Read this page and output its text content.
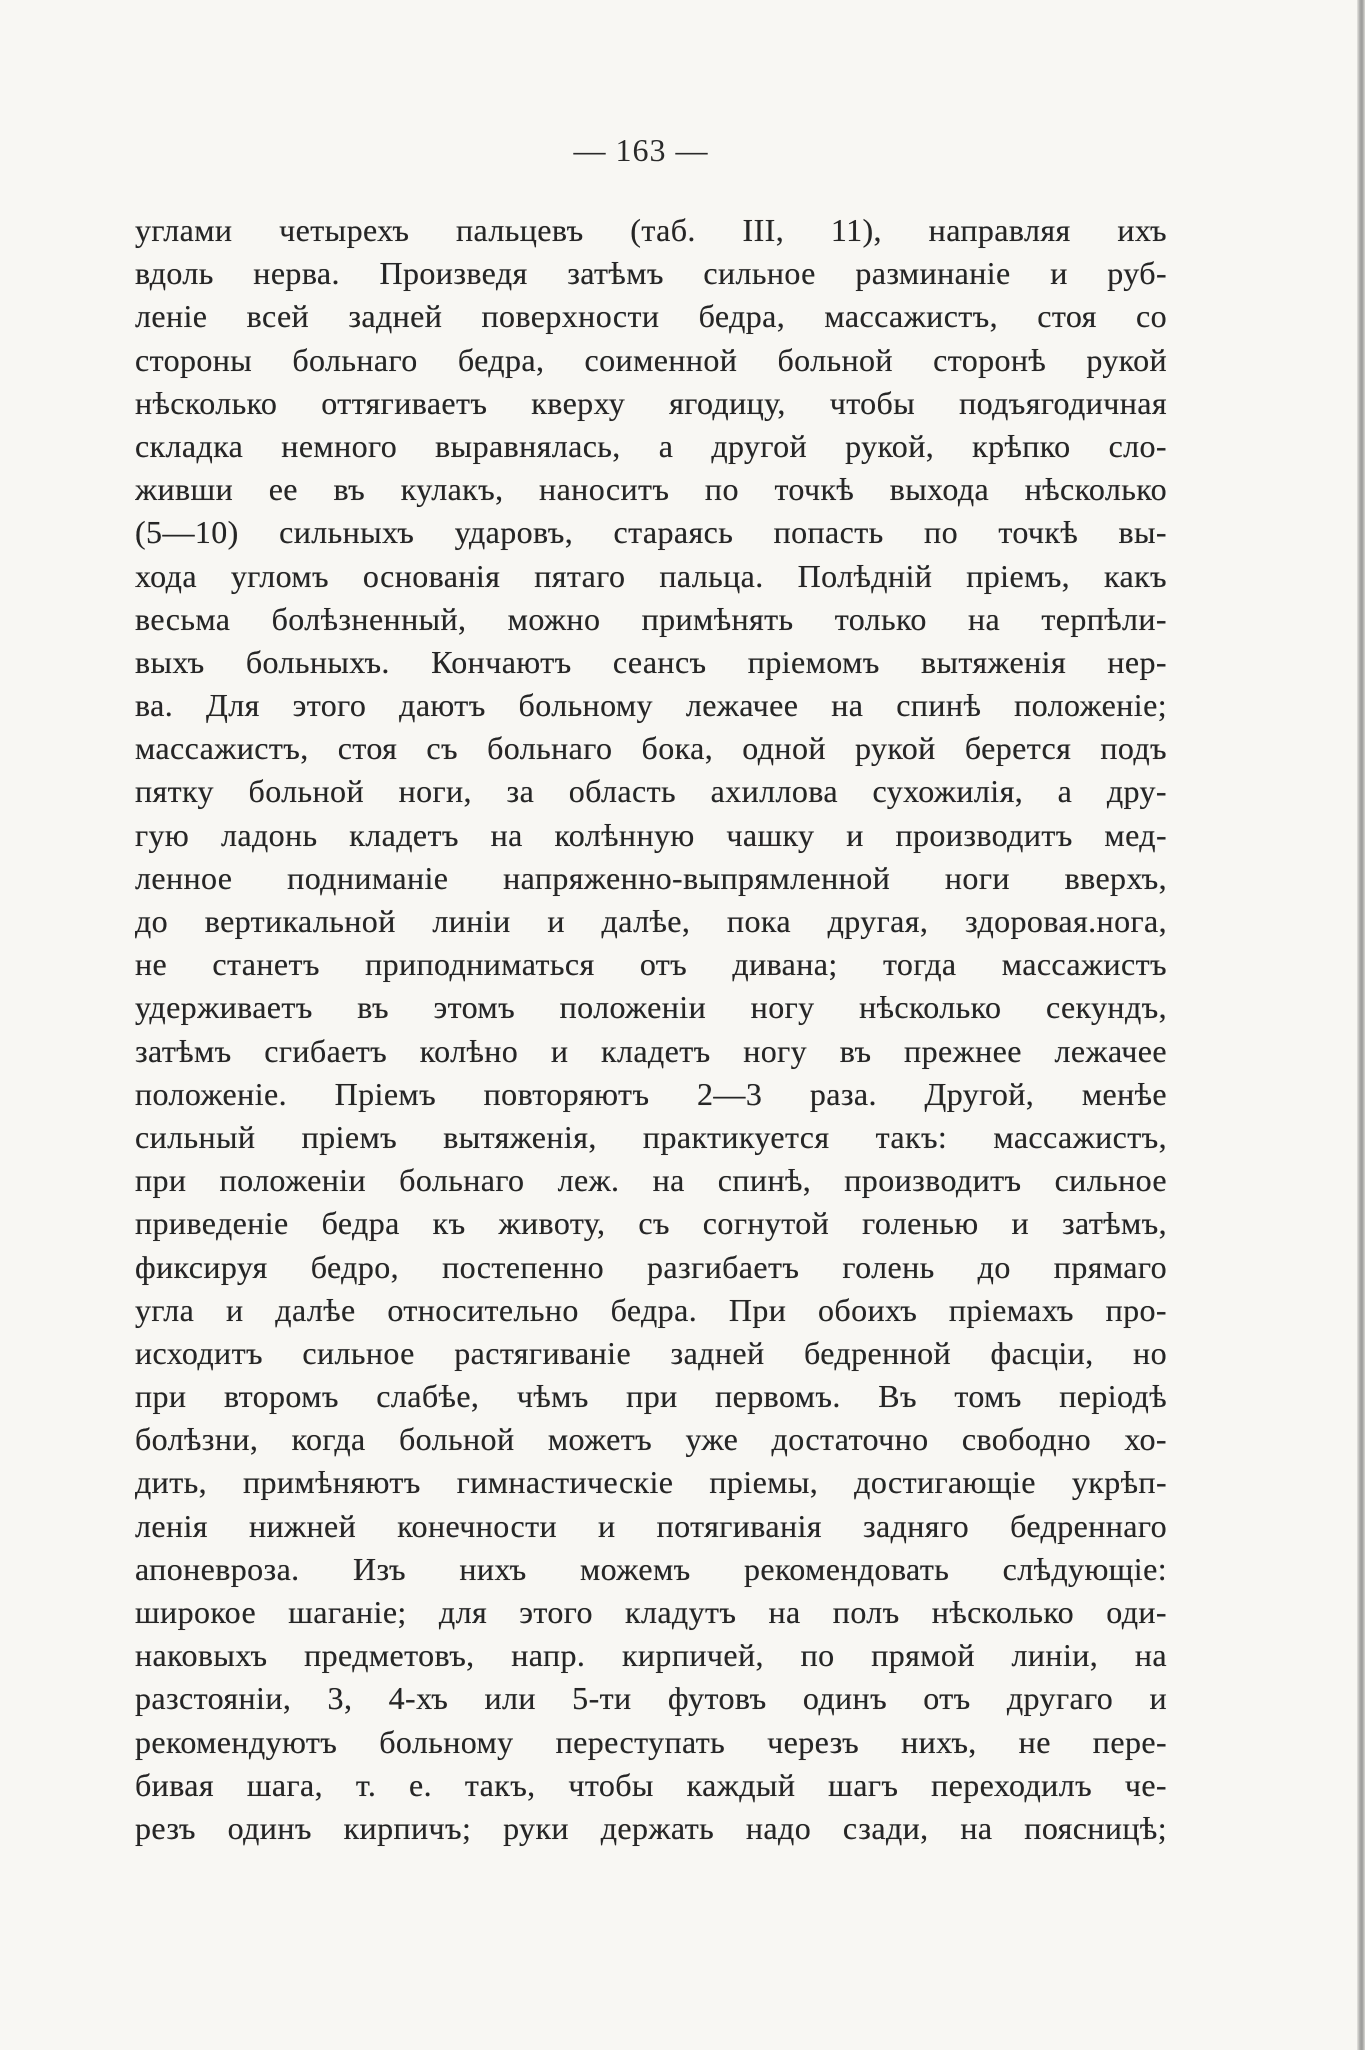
— 163 —
углами четырехъ пальцевъ (таб. III, 11), направляя ихъ
вдоль нерва. Произведя затѣмъ сильное разминаніе и руб-
леніе всей задней поверхности бедра, массажистъ, стоя со
стороны больнаго бедра, соименной больной сторонѣ рукой
нѣсколько оттягиваетъ кверху ягодицу, чтобы подъягодичная
складка немного выравнялась, а другой рукой, крѣпко сло-
живши ее въ кулакъ, наноситъ по точкѣ выхода нѣсколько
(5—10) сильныхъ ударовъ, стараясь попасть по точкѣ вы-
хода угломъ основанія пятаго пальца. Полѣдній пріемъ, какъ
весьма болѣзненный, можно примѣнять только на терпѣли-
выхъ больныхъ. Кончаютъ сеансъ пріемомъ вытяженія нер-
ва. Для этого даютъ больному лежачее на спинѣ положеніе;
массажистъ, стоя съ больнаго бока, одной рукой берется подъ
пятку больной ноги, за область ахиллова сухожилія, а дру-
гую ладонь кладетъ на колѣнную чашку и производитъ мед-
ленное подниманіе напряженно-выпрямленной ноги вверхъ,
до вертикальной линіи и далѣе, пока другая, здоровая.нога,
не станетъ приподниматься отъ дивана; тогда массажистъ
удерживаетъ въ этомъ положеніи ногу нѣсколько секундъ,
затѣмъ сгибаетъ колѣно и кладетъ ногу въ прежнее лежачее
положеніе. Пріемъ повторяютъ 2—3 раза. Другой, менѣе
сильный пріемъ вытяженія, практикуется такъ: массажистъ,
при положеніи больнаго леж. на спинѣ, производитъ сильное
приведеніе бедра къ животу, съ согнутой голенью и затѣмъ,
фиксируя бедро, постепенно разгибаетъ голень до прямаго
угла и далѣе относительно бедра. При обоихъ пріемахъ про-
исходитъ сильное растягиваніе задней бедренной фасціи, но
при второмъ слабѣе, чѣмъ при первомъ. Въ томъ періодѣ
болѣзни, когда больной можетъ уже достаточно свободно хо-
дить, примѣняютъ гимнастическіе пріемы, достигающіе укрѣп-
ленія нижней конечности и потягиванія задняго бедреннаго
апоневроза. Изъ нихъ можемъ рекомендовать слѣдующіе:
широкое шаганіе; для этого кладутъ на полъ нѣсколько оди-
наковыхъ предметовъ, напр. кирпичей, по прямой линіи, на
разстояніи, 3, 4-хъ или 5-ти футовъ одинъ отъ другаго и
рекомендуютъ больному переступать черезъ нихъ, не пере-
бивая шага, т. е. такъ, чтобы каждый шагъ переходилъ че-
резъ одинъ кирпичъ; руки держать надо сзади, на поясницѣ;
